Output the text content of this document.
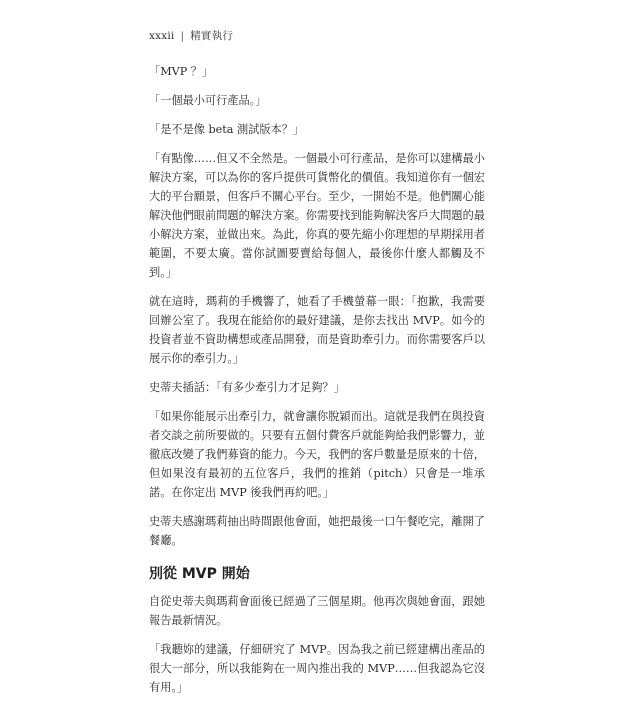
xxxii | 精實執行

「MVP ？」

「一個最小可行產品。」

「是不是像 beta 測試版本？」

「有點像……但又不全然是。一個最小可行產品，是你可以建構最小解決方案，可以為你的客戶提供可貨幣化的價值。我知道你有一個宏大的平台願景，但客戶不關心平台。至少，一開始不是。他們關心能解決他們眼前問題的解決方案。你需要找到能夠解決客戶大問題的最小解決方案，並做出來。為此，你真的要先縮小你理想的早期採用者範圍，不要太廣。當你試圖要賣給每個人，最後你什麼人都觸及不到。」

就在這時，瑪莉的手機響了，她看了手機螢幕一眼：「抱歉，我需要回辦公室了。我現在能給你的最好建議，是你去找出 MVP。如今的投資者並不資助構想或產品開發，而是資助牽引力。而你需要客戶以展示你的牽引力。」

史蒂夫插話：「有多少牽引力才足夠？」

「如果你能展示出牽引力，就會讓你脫穎而出。這就是我們在與投資者交談之前所要做的。只要有五個付費客戶就能夠給我們影響力，並徹底改變了我們募資的能力。今天，我們的客戶數量是原來的十倍，但如果沒有最初的五位客戶，我們的推銷（pitch）只會是一堆承諾。在你定出 MVP 後我們再約吧。」

史蒂夫感謝瑪莉抽出時間跟他會面，她把最後一口午餐吃完，離開了餐廳。

別從 MVP 開始

自從史蒂夫與瑪莉會面後已經過了三個星期。他再次與她會面，跟她報告最新情況。

「我聽妳的建議，仔細研究了 MVP。因為我之前已經建構出產品的很大一部分，所以我能夠在一周內推出我的 MVP……但我認為它沒有用。」
